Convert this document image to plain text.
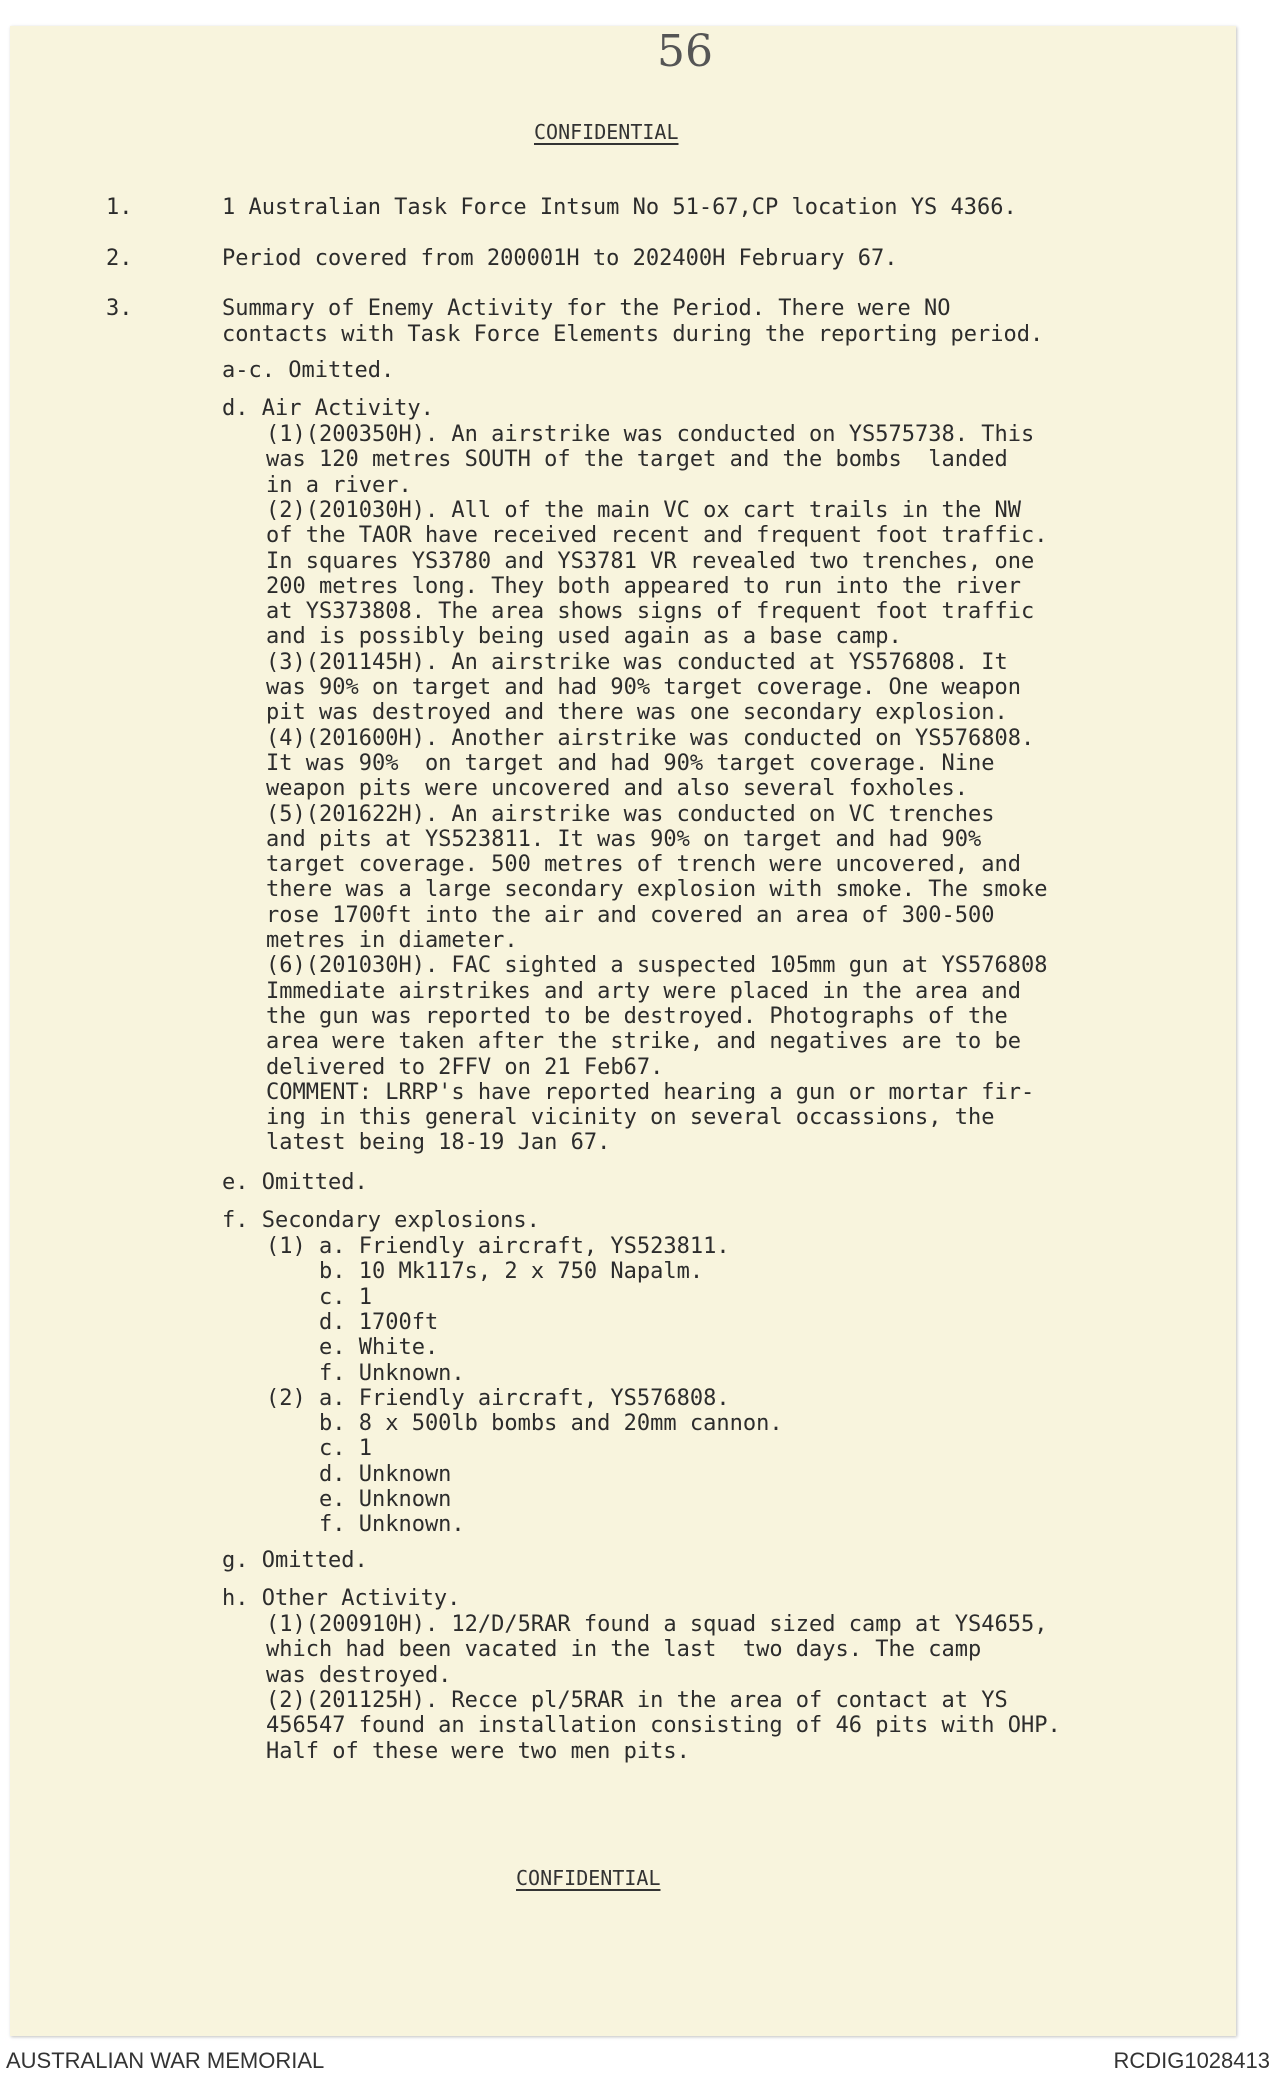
56
CONFIDENTIAL
1.	1 Australian Task Force Intsum No 51-67,CP location YS 4366.
2.	Period covered from 200001H to 202400H February 67.
3.	Summary of Enemy Activity for the Period. There were NO
contacts with Task Force Elements during the reporting period.
a-c. Omitted.
d. Air Activity.
(1)(200350H). An airstrike was conducted on YS575738. This
was 120 metres SOUTH of the target and the bombs  landed
in a river.
(2)(201030H). All of the main VC ox cart trails in the NW
of the TAOR have received recent and frequent foot traffic.
In squares YS3780 and YS3781 VR revealed two trenches, one
200 metres long. They both appeared to run into the river
at YS373808. The area shows signs of frequent foot traffic
and is possibly being used again as a base camp.
(3)(201145H). An airstrike was conducted at YS576808. It
was 90% on target and had 90% target coverage. One weapon
pit was destroyed and there was one secondary explosion.
(4)(201600H). Another airstrike was conducted on YS576808.
It was 90%  on target and had 90% target coverage. Nine
weapon pits were uncovered and also several foxholes.
(5)(201622H). An airstrike was conducted on VC trenches
and pits at YS523811. It was 90% on target and had 90%
target coverage. 500 metres of trench were uncovered, and
there was a large secondary explosion with smoke. The smoke
rose 1700ft into the air and covered an area of 300-500
metres in diameter.
(6)(201030H). FAC sighted a suspected 105mm gun at YS576808
Immediate airstrikes and arty were placed in the area and
the gun was reported to be destroyed. Photographs of the
area were taken after the strike, and negatives are to be
delivered to 2FFV on 21 Feb67.
COMMENT: LRRP's have reported hearing a gun or mortar fir-
ing in this general vicinity on several occassions, the
latest being 18-19 Jan 67.
e. Omitted.
f. Secondary explosions.
(1) a. Friendly aircraft, YS523811.
b. 10 Mk117s, 2 x 750 Napalm.
c. 1
d. 1700ft
e. White.
f. Unknown.
(2) a. Friendly aircraft, YS576808.
b. 8 x 500lb bombs and 20mm cannon.
c. 1
d. Unknown
e. Unknown
f. Unknown.
g. Omitted.
h. Other Activity.
(1)(200910H). 12/D/5RAR found a squad sized camp at YS4655,
which had been vacated in the last  two days. The camp
was destroyed.
(2)(201125H). Recce pl/5RAR in the area of contact at YS
456547 found an installation consisting of 46 pits with OHP.
Half of these were two men pits.
CONFIDENTIAL
AUSTRALIAN WAR MEMORIAL	RCDIG1028413
